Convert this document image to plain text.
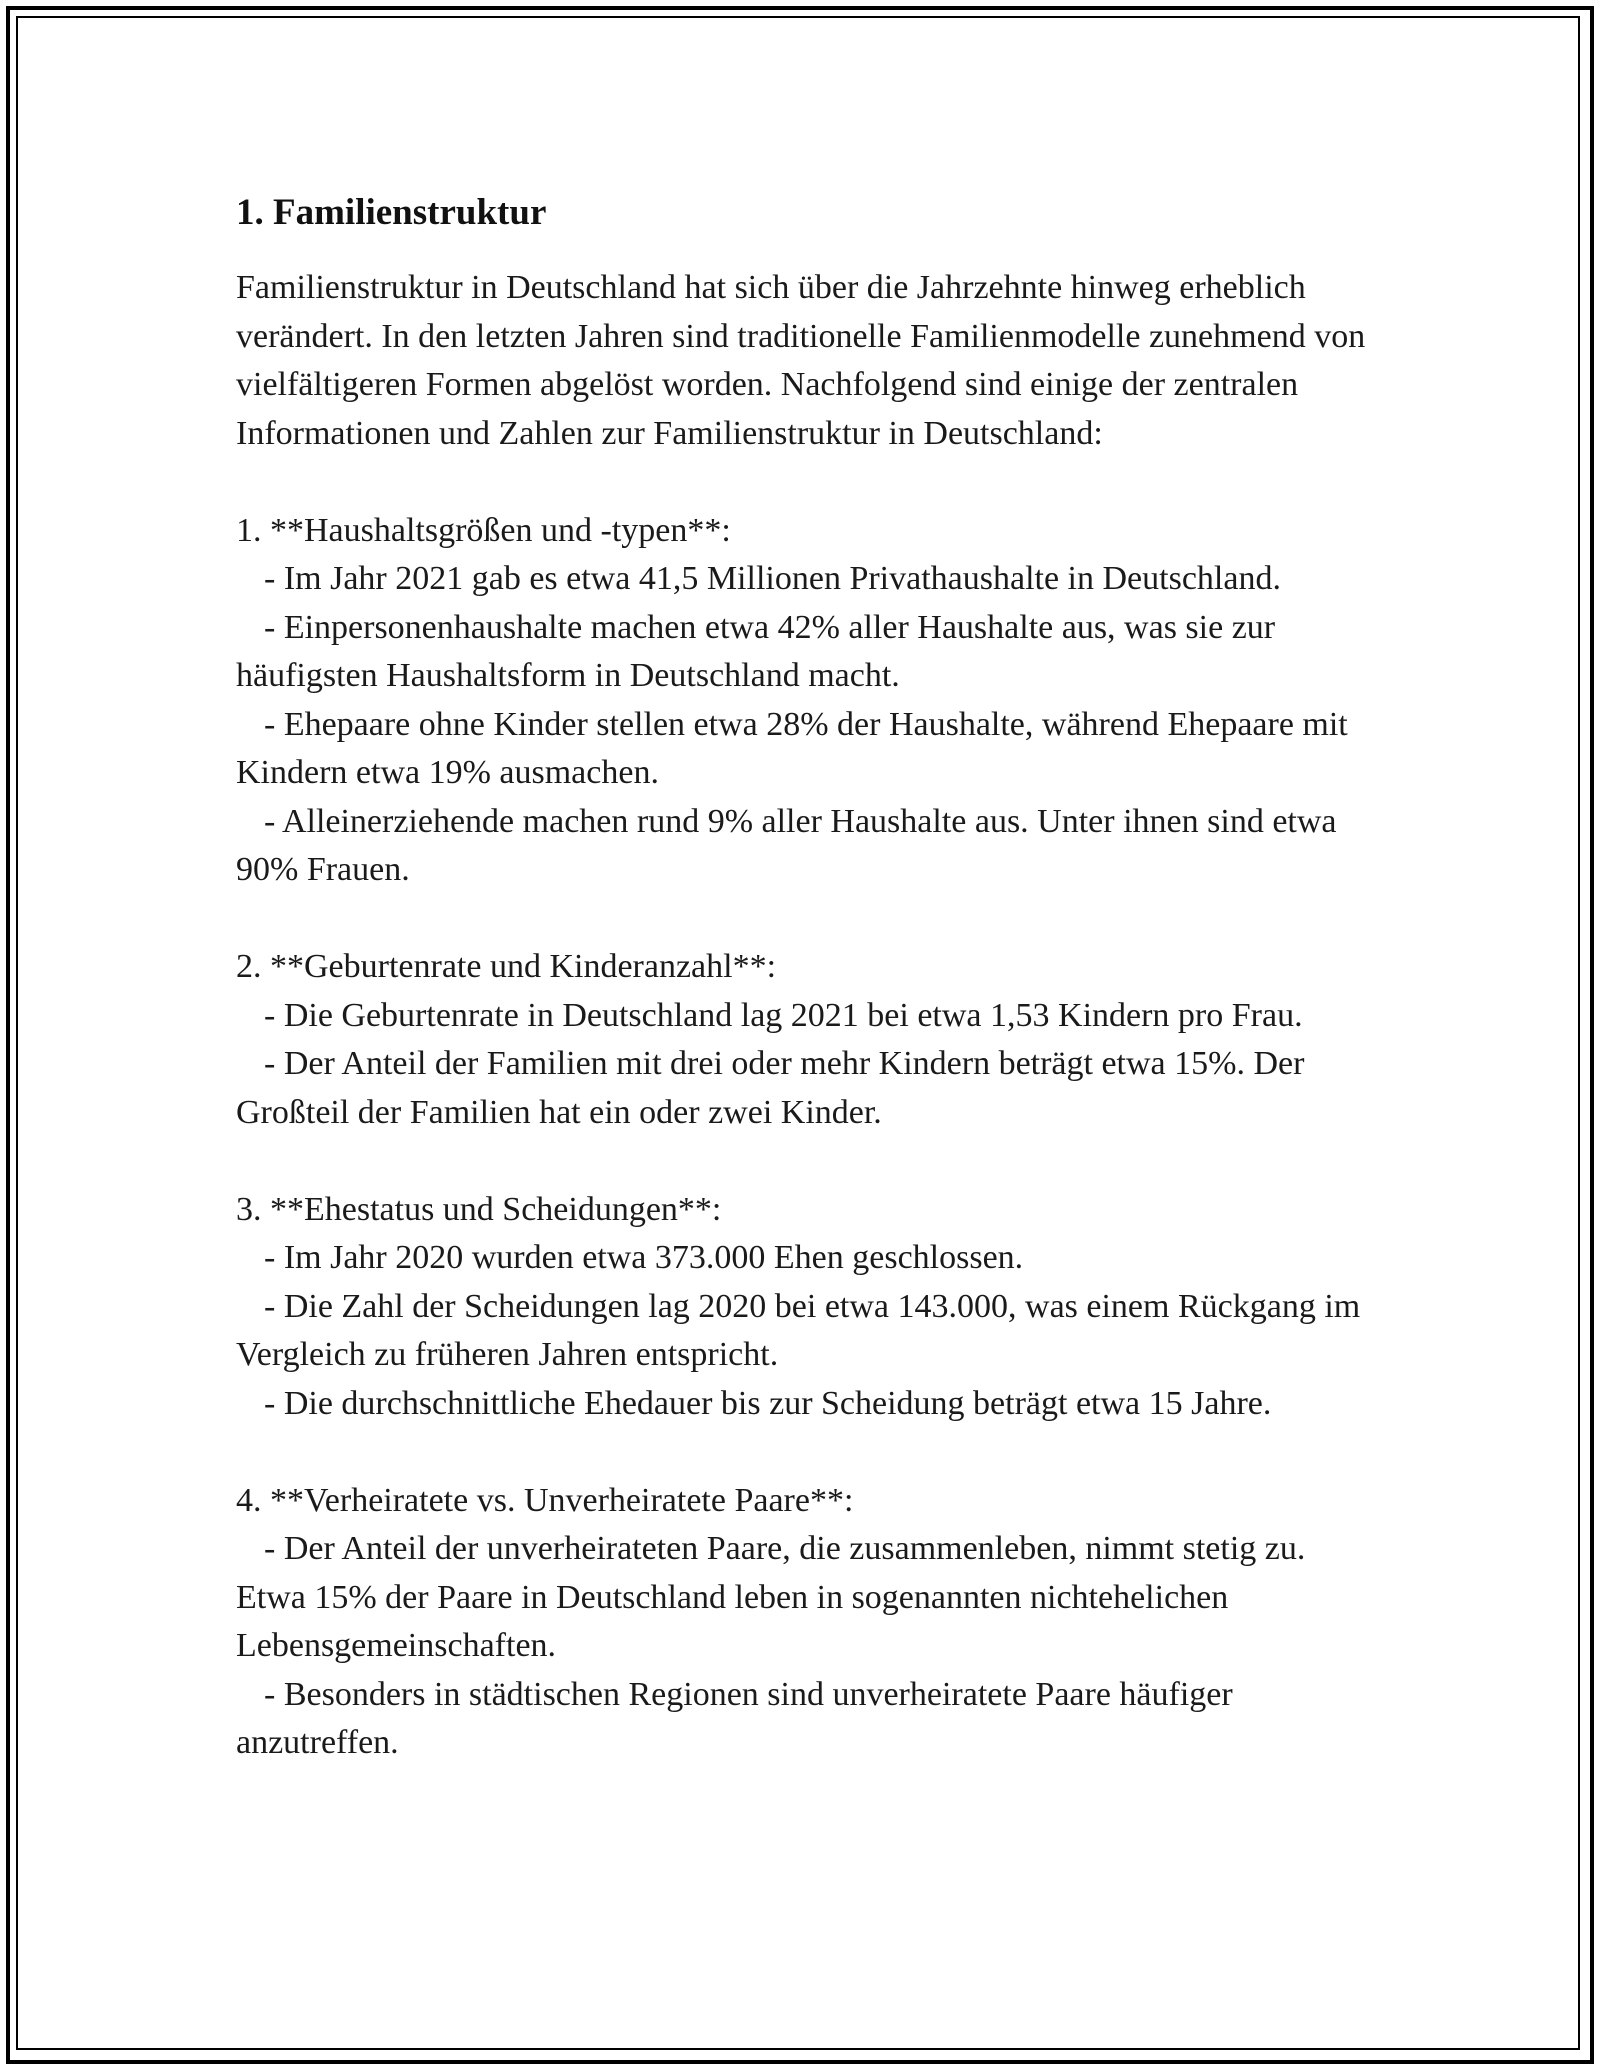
1. Familienstruktur

Familienstruktur in Deutschland hat sich über die Jahrzehnte hinweg erheblich verändert. In den letzten Jahren sind traditionelle Familienmodelle zunehmend von vielfältigeren Formen abgelöst worden. Nachfolgend sind einige der zentralen Informationen und Zahlen zur Familienstruktur in Deutschland:

1. **Haushaltsgrößen und -typen**:

- Im Jahr 2021 gab es etwa 41,5 Millionen Privathaushalte in Deutschland.

- Einpersonenhaushalte machen etwa 42% aller Haushalte aus, was sie zur häufigsten Haushaltsform in Deutschland macht.

- Ehepaare ohne Kinder stellen etwa 28% der Haushalte, während Ehepaare mit Kindern etwa 19% ausmachen.

- Alleinerziehende machen rund 9% aller Haushalte aus. Unter ihnen sind etwa 90% Frauen.

2. **Geburtenrate und Kinderanzahl**:

- Die Geburtenrate in Deutschland lag 2021 bei etwa 1,53 Kindern pro Frau.

- Der Anteil der Familien mit drei oder mehr Kindern beträgt etwa 15%. Der Großteil der Familien hat ein oder zwei Kinder.

3. **Ehestatus und Scheidungen**:

- Im Jahr 2020 wurden etwa 373.000 Ehen geschlossen.

- Die Zahl der Scheidungen lag 2020 bei etwa 143.000, was einem Rückgang im Vergleich zu früheren Jahren entspricht.

- Die durchschnittliche Ehedauer bis zur Scheidung beträgt etwa 15 Jahre.

4. **Verheiratete vs. Unverheiratete Paare**:

- Der Anteil der unverheirateten Paare, die zusammenleben, nimmt stetig zu. Etwa 15% der Paare in Deutschland leben in sogenannten nichtehelichen Lebensgemeinschaften.

- Besonders in städtischen Regionen sind unverheiratete Paare häufiger anzutreffen.
